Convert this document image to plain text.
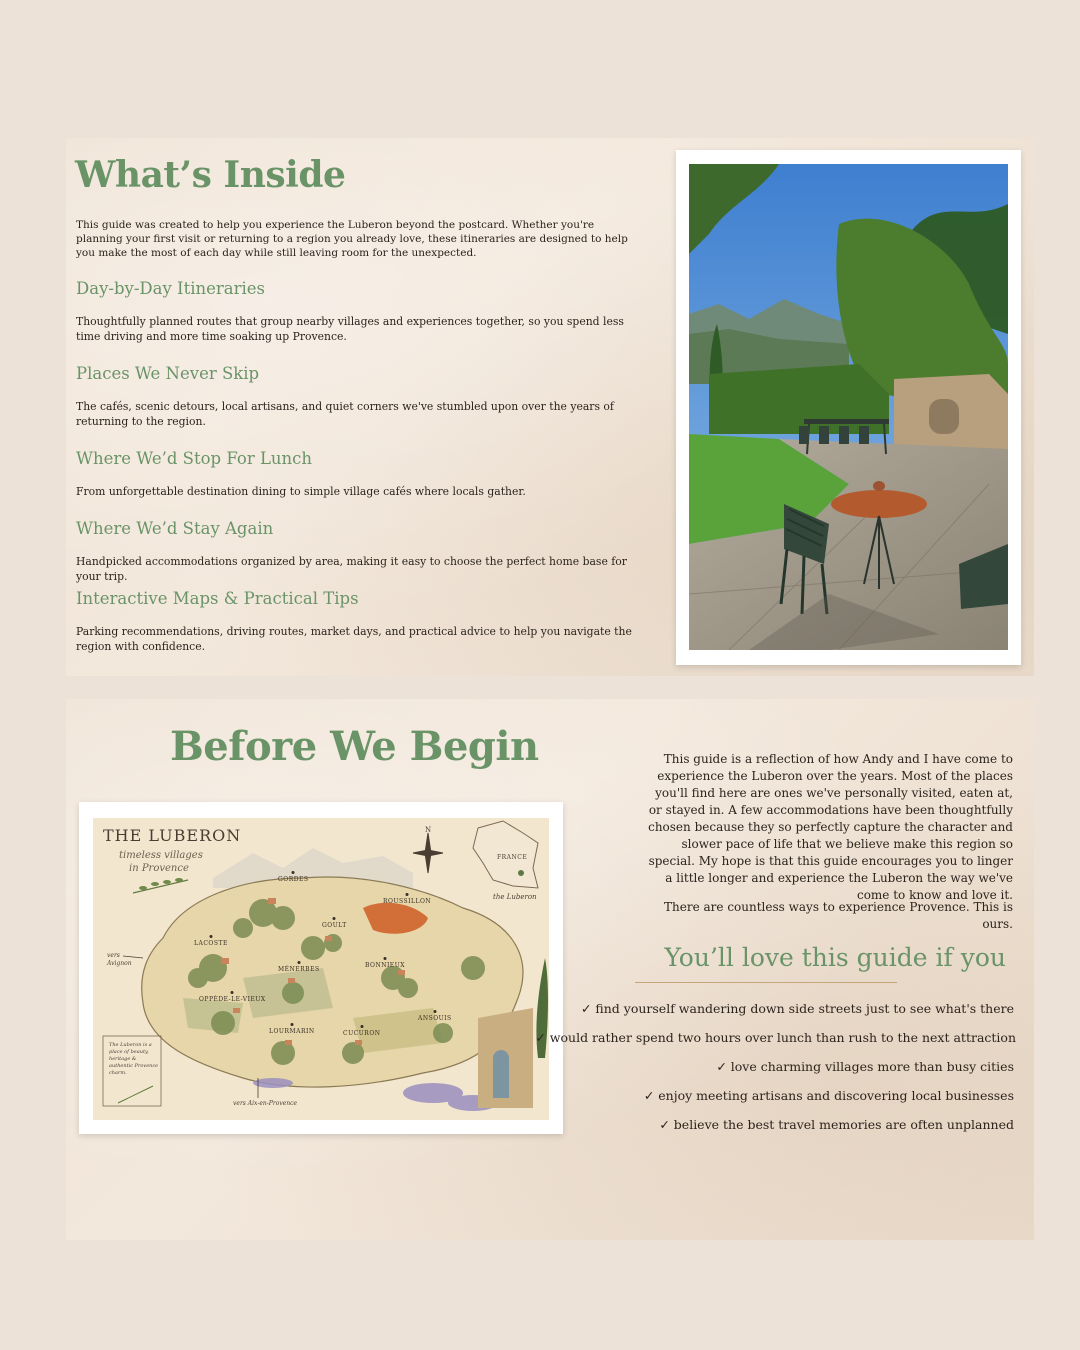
What’s Inside

This guide was created to help you experience the Luberon beyond the postcard. Whether you're planning your first visit or returning to a region you already love, these itineraries are designed to help you make the most of each day while still leaving room for the unexpected.

Day-by-Day Itineraries

Thoughtfully planned routes that group nearby villages and experiences together, so you spend less time driving and more time soaking up Provence.

Places We Never Skip

The cafés, scenic detours, local artisans, and quiet corners we've stumbled upon over the years of returning to the region.

Where We’d Stop For Lunch

From unforgettable destination dining to simple village cafés where locals gather.

Where We’d Stay Again

Handpicked accommodations organized by area, making it easy to choose the perfect home base for your trip.

Interactive Maps & Practical Tips

Parking recommendations, driving routes, market days, and practical advice to help you navigate the region with confidence.

Before We Begin

THE LUBERON

timeless villages

in Provence

GORDES
ROUSSILLON
GOULT
LACOSTE
MÉNERBES
BONNIEUX
OPPÈDE-LE-VIEUX
LOURMARIN	CUCURON
ANSOUIS
FRANCE
the Luberon
N
vers Avignon
vers Aix-en-Provence
The Luberon is a place of beauty, heritage & authentic Provence charm.

This guide is a reflection of how Andy and I have come to experience the Luberon over the years. Most of the places you'll find here are ones we've personally visited, eaten at, or stayed in. A few accommodations have been thoughtfully chosen because they so perfectly capture the character and slower pace of life that we believe make this region so special. My hope is that this guide encourages you to linger a little longer and experience the Luberon the way we've come to know and love it.

There are countless ways to experience Provence. This is ours.

You’ll love this guide if you

✓ find yourself wandering down side streets just to see what's there

✓ would rather spend two hours over lunch than rush to the next attraction

✓ love charming villages more than busy cities

✓ enjoy meeting artisans and discovering local businesses

✓ believe the best travel memories are often unplanned
